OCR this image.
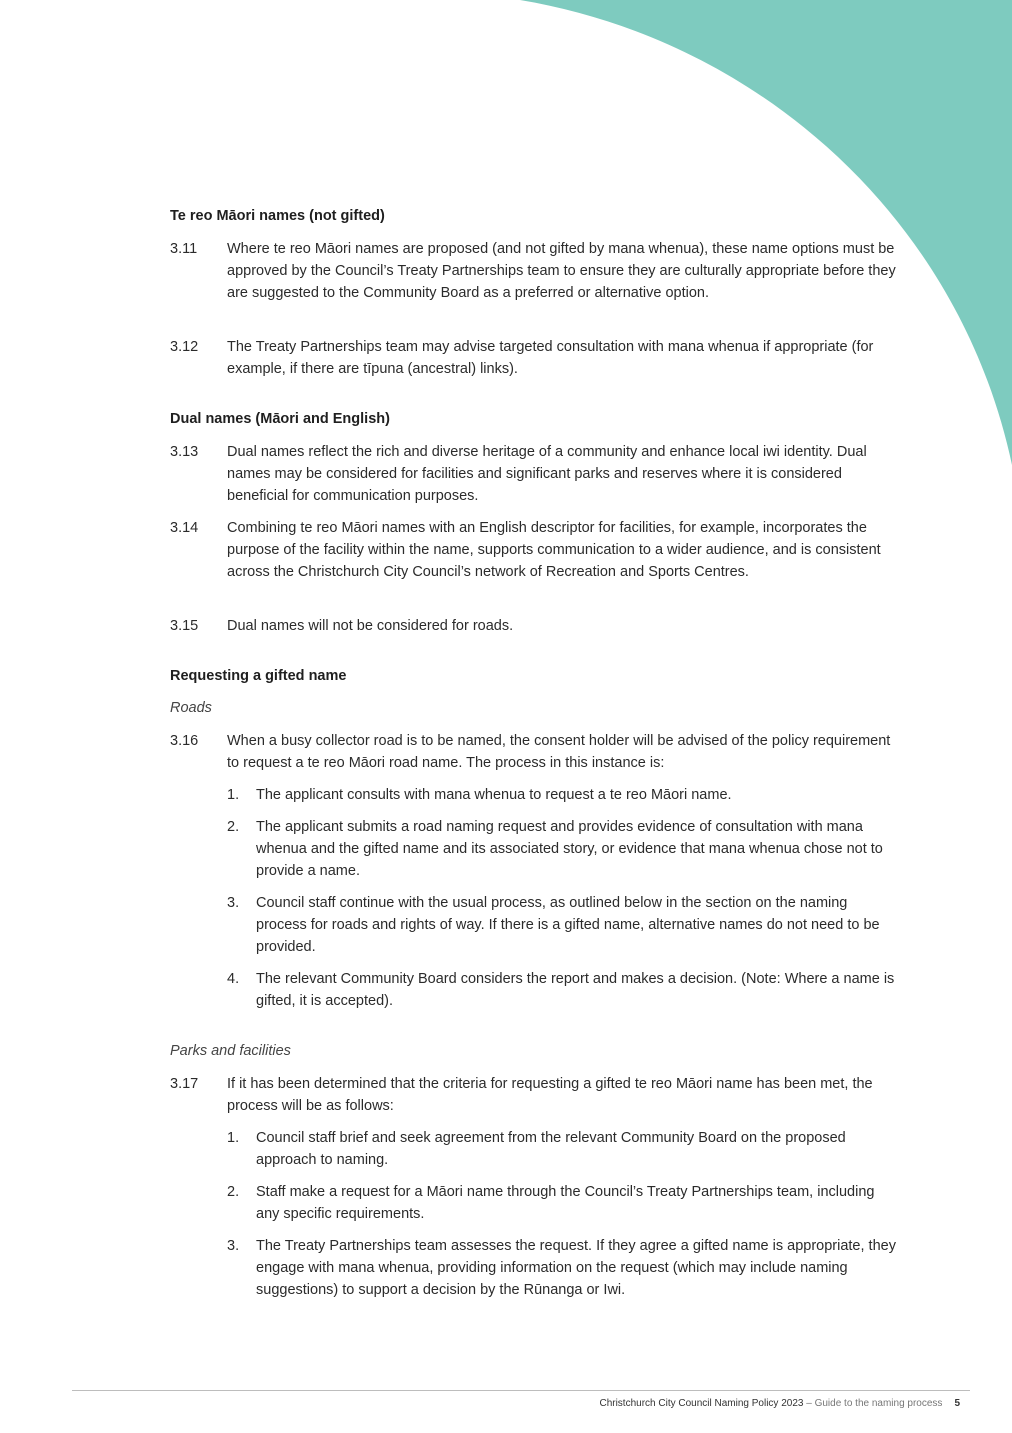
Te reo Māori names (not gifted)
3.11 Where te reo Māori names are proposed (and not gifted by mana whenua), these name options must be approved by the Council’s Treaty Partnerships team to ensure they are culturally appropriate before they are suggested to the Community Board as a preferred or alternative option.
3.12 The Treaty Partnerships team may advise targeted consultation with mana whenua if appropriate (for example, if there are tīpuna (ancestral) links).
Dual names (Māori and English)
3.13 Dual names reflect the rich and diverse heritage of a community and enhance local iwi identity. Dual names may be considered for facilities and significant parks and reserves where it is considered beneficial for communication purposes.
3.14 Combining te reo Māori names with an English descriptor for facilities, for example, incorporates the purpose of the facility within the name, supports communication to a wider audience, and is consistent across the Christchurch City Council’s network of Recreation and Sports Centres.
3.15 Dual names will not be considered for roads.
Requesting a gifted name
Roads
3.16 When a busy collector road is to be named, the consent holder will be advised of the policy requirement to request a te reo Māori road name. The process in this instance is:
1. The applicant consults with mana whenua to request a te reo Māori name.
2. The applicant submits a road naming request and provides evidence of consultation with mana whenua and the gifted name and its associated story, or evidence that mana whenua chose not to provide a name.
3. Council staff continue with the usual process, as outlined below in the section on the naming process for roads and rights of way. If there is a gifted name, alternative names do not need to be provided.
4. The relevant Community Board considers the report and makes a decision. (Note: Where a name is gifted, it is accepted).
Parks and facilities
3.17 If it has been determined that the criteria for requesting a gifted te reo Māori name has been met, the process will be as follows:
1. Council staff brief and seek agreement from the relevant Community Board on the proposed approach to naming.
2. Staff make a request for a Māori name through the Council’s Treaty Partnerships team, including any specific requirements.
3. The Treaty Partnerships team assesses the request. If they agree a gifted name is appropriate, they engage with mana whenua, providing information on the request (which may include naming suggestions) to support a decision by the Rūnanga or Iwi.
Christchurch City Council Naming Policy 2023 – Guide to the naming process 5
